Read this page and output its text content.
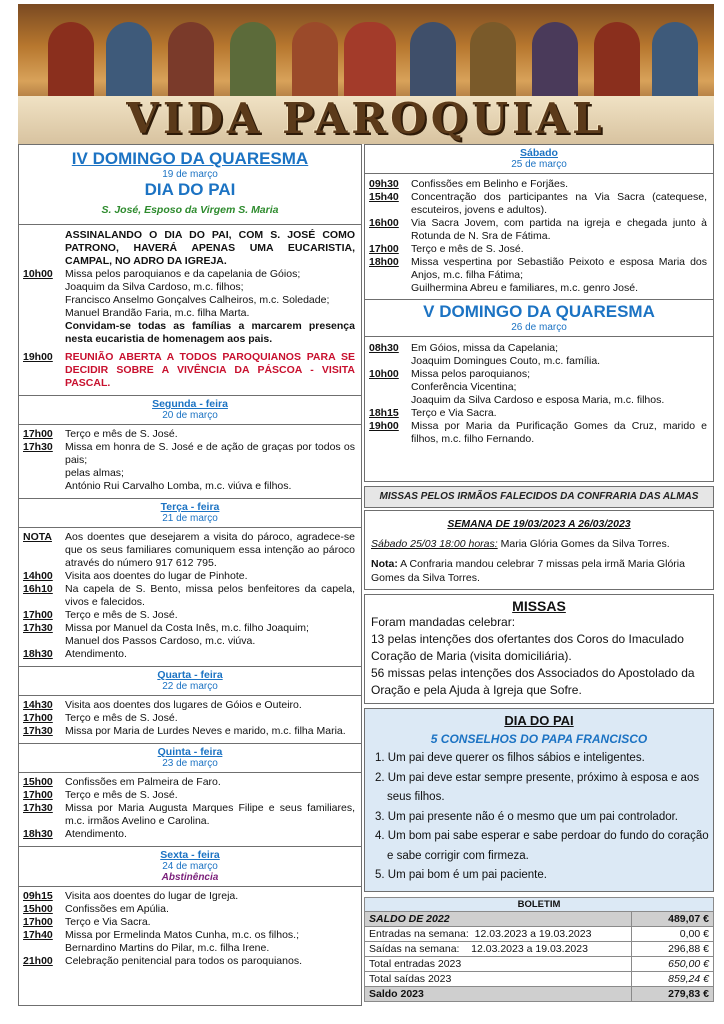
VIDA PAROQUIAL
IV DOMINGO DA QUARESMA
19 de março
DIA DO PAI
S. José, Esposo da Virgem S. Maria
ASSINALANDO O DIA DO PAI, COM S. JOSÉ COMO PATRONO, HAVERÁ APENAS UMA EUCARISTIA, CAMPAL, NO ADRO DA IGREJA.
10h00	Missa pelos paroquianos e da capelania de Góios;
Joaquim da Silva Cardoso, m.c. filhos;
Francisco Anselmo Gonçalves Calheiros, m.c. Soledade;
Manuel Brandão Faria, m.c. filha Marta.
Convidam-se todas as famílias a marcarem presença nesta eucaristia de homenagem aos pais.
19h00	REUNIÃO ABERTA A TODOS PAROQUIANOS PARA SE DECIDIR SOBRE A VIVÊNCIA DA PÁSCOA - VISITA PASCAL.
Segunda - feira
20 de março
17h00	Terço e mês de S. José.
17h30	Missa em honra de S. José e de ação de graças por todos os pais;
pelas almas;
António Rui Carvalho Lomba, m.c. viúva e filhos.
Terça - feira
21 de março
NOTA	Aos doentes que desejarem a visita do pároco, agradece-se que os seus familiares comuniquem essa intenção ao pároco através do número 917 612 795.
14h00	Visita aos doentes do lugar de Pinhote.
16h10	Na capela de S. Bento, missa pelos benfeitores da capela, vivos e falecidos.
17h00	Terço e mês de S. José.
17h30	Missa por Manuel da Costa Inês, m.c. filho Joaquim;
Manuel dos Passos Cardoso, m.c. viúva.
18h30	Atendimento.
Quarta - feira
22 de março
14h30	Visita aos doentes dos lugares de Góios e Outeiro.
17h00	Terço e mês de S. José.
17h30	Missa por Maria de Lurdes Neves e marido, m.c. filha Maria.
Quinta - feira
23 de março
15h00	Confissões em Palmeira de Faro.
17h00	Terço e mês de S. José.
17h30	Missa por Maria Augusta Marques Filipe e seus familiares, m.c. irmãos Avelino e Carolina.
18h30	Atendimento.
Sexta - feira
24 de março
Abstinência
09h15	Visita aos doentes do lugar de Igreja.
15h00	Confissões em Apúlia.
17h00	Terço e Via Sacra.
17h40	Missa por Ermelinda Matos Cunha, m.c. os filhos.;
Bernardino Martins do Pilar, m.c. filha Irene.
21h00	Celebração penitencial para todos os paroquianos.
Sábado
25 de março
09h30	Confissões em Belinho e Forjães.
15h40	Concentração dos participantes na Via Sacra (catequese, escuteiros, jovens e adultos).
16h00	Via Sacra Jovem, com partida na igreja e chegada junto à Rotunda de N. Sra de Fátima.
17h00	Terço e mês de S. José.
18h00	Missa vespertina por Sebastião Peixoto e esposa Maria dos Anjos, m.c. filha Fátima;
Guilhermina Abreu e familiares, m.c. genro José.
V DOMINGO DA QUARESMA
26 de março
08h30	Em Góios, missa da Capelania;
Joaquim Domingues Couto, m.c. família.
10h00	Missa pelos paroquianos;
Conferência Vicentina;
Joaquim da Silva Cardoso e esposa Maria, m.c. filhos.
18h15	Terço e Via Sacra.
19h00	Missa por Maria da Purificação Gomes da Cruz, marido e filhos, m.c. filho Fernando.
MISSAS PELOS IRMÃOS FALECIDOS DA CONFRARIA DAS ALMAS
SEMANA DE 19/03/2023 A 26/03/2023
Sábado 25/03 18:00 horas: Maria Glória Gomes da Silva Torres.
Nota: A Confraria mandou celebrar 7 missas pela irmã Maria Glória Gomes da Silva Torres.
MISSAS
Foram mandadas celebrar:
13 pelas intenções dos ofertantes dos Coros do Imaculado Coração de Maria (visita domiciliária).
56 missas pelas intenções dos Associados do Apostolado da Oração e pela Ajuda à Igreja que Sofre.
DIA DO PAI
5 CONSELHOS DO PAPA FRANCISCO
1. Um pai deve querer os filhos sábios e inteligentes.
2. Um pai deve estar sempre presente, próximo à esposa e aos seus filhos.
3. Um pai presente não é o mesmo que um pai controlador.
4. Um bom pai sabe esperar e sabe perdoar do fundo do coração e sabe corrigir com firmeza.
5. Um pai bom é um pai paciente.
BOLETIM	
SALDO DE 2022	489,07 €
Entradas na semana:  12.03.2023 a 19.03.2023	0,00 €
Saídas na semana:    12.03.2023 a 19.03.2023	296,88 €
Total entradas 2023	650,00 €
Total saídas 2023	859,24 €
Saldo 2023	279,83 €
